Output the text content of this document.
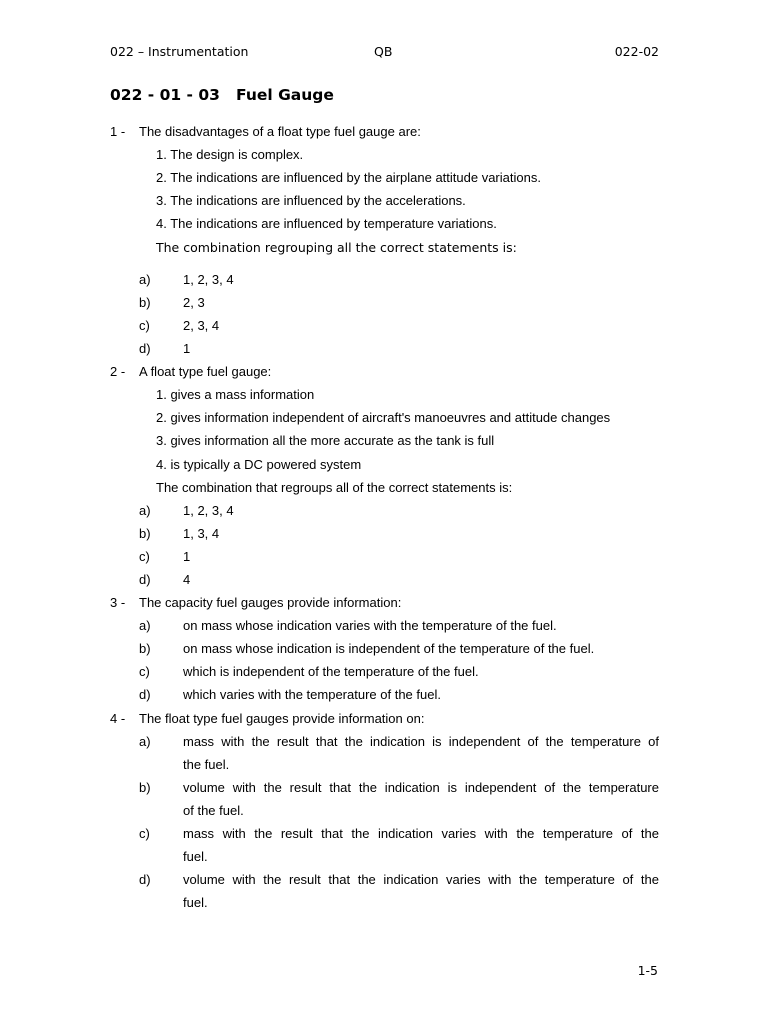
022 – Instrumentation	QB	022-02
022 - 01 - 03 Fuel Gauge
1 - The disadvantages of a float type fuel gauge are:
1. The design is complex.
2. The indications are influenced by the airplane attitude variations.
3. The indications are influenced by the accelerations.
4. The indications are influenced by temperature variations.
The combination regrouping all the correct statements is:
a) 1, 2, 3, 4
b) 2, 3
c)	2, 3, 4
d) 1
2 - A float type fuel gauge:
1. gives a mass information
2. gives information independent of aircraft's manoeuvres and attitude changes
3. gives information all the more accurate as the tank is full
4. is typically a DC powered system
The combination that regroups all of the correct statements is:
a) 1, 2, 3, 4
b) 1, 3, 4
c)	1
d) 4
3 - The capacity fuel gauges provide information:
a) on mass whose indication varies with the temperature of the fuel.
b) on mass whose indication is independent of the temperature of the fuel.
c)	which is independent of the temperature of the fuel.
d) which varies with the temperature of the fuel.
4 - The float type fuel gauges provide information on:
a) mass with the result that the indication is independent of the temperature of
the fuel.
b) volume with the result that the indication is independent of the temperature
of the fuel.
c)	mass with the result that the indication varies with the temperature of the
fuel.
d) volume with the result that the indication varies with the temperature of the
fuel.
1-5
